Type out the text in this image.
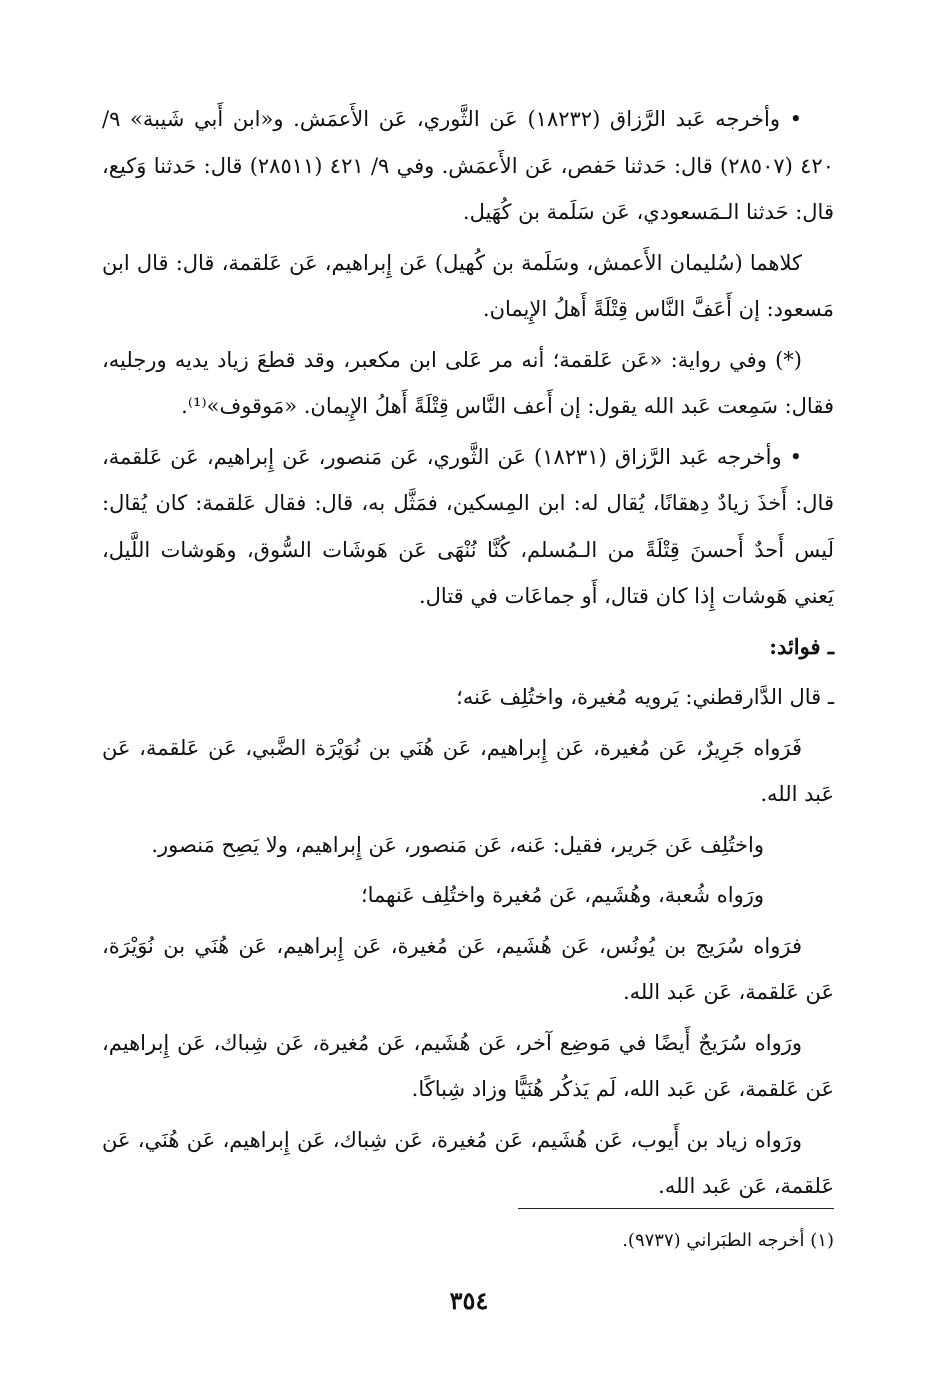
• وأخرجه عَبد الرَّزاق (١٨٢٣٢) عَن الثَّوري، عَن الأَعمَش. و«ابن أَبي شَيبة» ٩/ ٤٢٠ (٢٨٥٠٧) قال: حَدثنا حَفص، عَن الأَعمَش. وفي ٩/ ٤٢١ (٢٨٥١١) قال: حَدثنا وَكيع، قال: حَدثنا الـمَسعودي، عَن سَلَمة بن كُهَيل.

كلاهما (سُليمان الأَعمش، وسَلَمة بن كُهيل) عَن إِبراهيم، عَن عَلقمة، قال: قال ابن مَسعود: إن أَعَفَّ النَّاس قِتْلَةً أَهلُ الإِيمان.

(*) وفي رواية: «عَن عَلقمة؛ أنه مر عَلى ابن مكعبر، وقد قطعَ زياد يديه ورجليه، فقال: سَمِعت عَبد الله يقول: إن أَعف النَّاس قِتْلَةً أَهلُ الإِيمان. «مَوقوف»⁽¹⁾.

• وأخرجه عَبد الرَّزاق (١٨٢٣١) عَن الثَّوري، عَن مَنصور، عَن إِبراهيم، عَن عَلقمة، قال: أَخذَ زيادٌ دِهقانًا، يُقال له: ابن المِسكين، فمَثَّل به، قال: فقال عَلقمة: كان يُقال: لَيس أَحدٌ أَحسنَ قِتْلَةً من الـمُسلم، كُنَّا نُنْهَى عَن هَوشَات السُّوق، وهَوشات اللَّيل، يَعني هَوشات إِذا كان قتال، أَو جماعَات في قتال.

ـ فوائد:

ـ قال الدَّارقطني: يَرويه مُغيرة، واختُلِف عَنه؛

فَرَواه جَرِيرٌ، عَن مُغيرة، عَن إِبراهيم، عَن هُنَي بن نُوَيْرَة الضَّبي، عَن عَلقمة، عَن عَبد الله.

واختُلِف عَن جَرير، فقيل: عَنه، عَن مَنصور، عَن إِبراهيم، ولا يَصِح مَنصور.

ورَواه شُعبة، وهُشَيم، عَن مُغيرة واختُلِف عَنهما؛

فرَواه سُرَيج بن يُونُس، عَن هُشَيم، عَن مُغيرة، عَن إِبراهيم، عَن هُنَي بن نُوَيْرَة، عَن عَلقمة، عَن عَبد الله.

ورَواه سُرَيجٌ أَيضًا في مَوضِع آخر، عَن هُشَيم، عَن مُغيرة، عَن شِباك، عَن إِبراهيم، عَن عَلقمة، عَن عَبد الله، لَم يَذكُر هُنَيًّا وزاد شِباكًا.

ورَواه زياد بن أَيوب، عَن هُشَيم، عَن مُغيرة، عَن شِباك، عَن إِبراهيم، عَن هُنَي، عَن عَلقمة، عَن عَبد الله.

(١) أخرجه الطبَراني (٩٧٣٧).
٣٥٤
